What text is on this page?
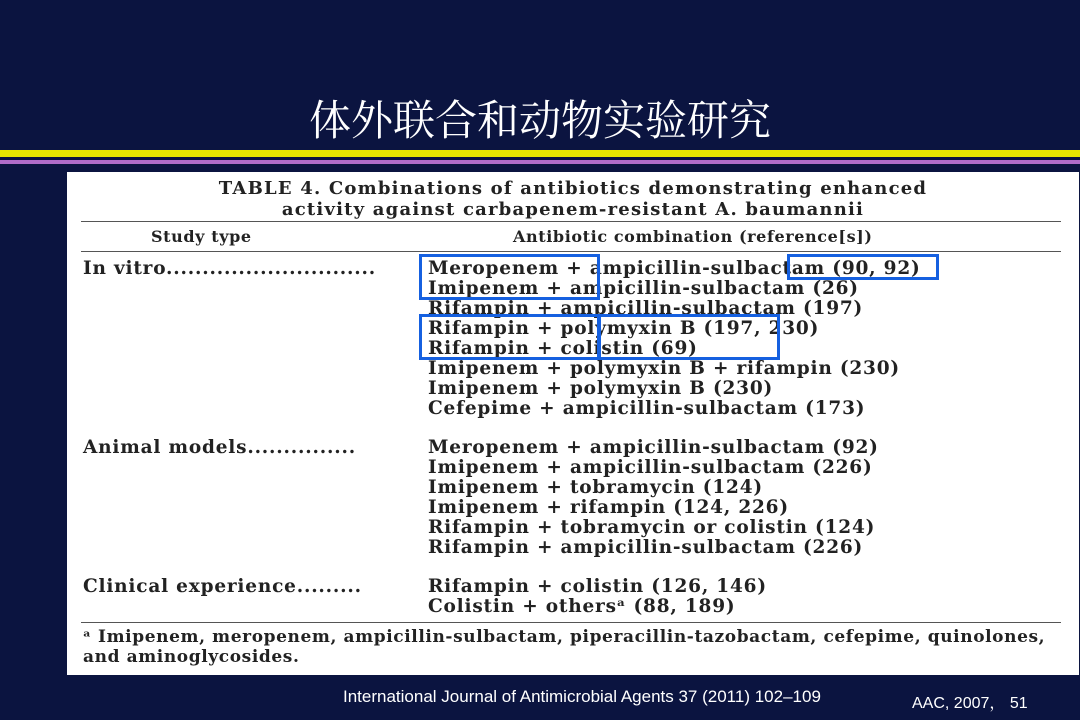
体外联合和动物实验研究
TABLE 4. Combinations of antibiotics demonstrating enhanced
activity against carbapenem-resistant A. baumannii
Study type	Antibiotic combination (reference[s])
In vitro.............................	Meropenem + ampicillin-sulbactam (90, 92)
Imipenem + ampicillin-sulbactam (26)
Rifampin + ampicillin-sulbactam (197)
Rifampin + polymyxin B (197, 230)
Rifampin + colistin (69)
Imipenem + polymyxin B + rifampin (230)
Imipenem + polymyxin B (230)
Cefepime + ampicillin-sulbactam (173)
Animal models...............	Meropenem + ampicillin-sulbactam (92)
Imipenem + ampicillin-sulbactam (226)
Imipenem + tobramycin (124)
Imipenem + rifampin (124, 226)
Rifampin + tobramycin or colistin (124)
Rifampin + ampicillin-sulbactam (226)
Clinical experience.........	Rifampin + colistin (126, 146)
Colistin + othersᵃ (88, 189)
ᵃ Imipenem, meropenem, ampicillin-sulbactam, piperacillin-tazobactam, cefepime, quinolones, and aminoglycosides.
International Journal of Antimicrobial Agents 37 (2011) 102–109	AAC, 2007， 51
